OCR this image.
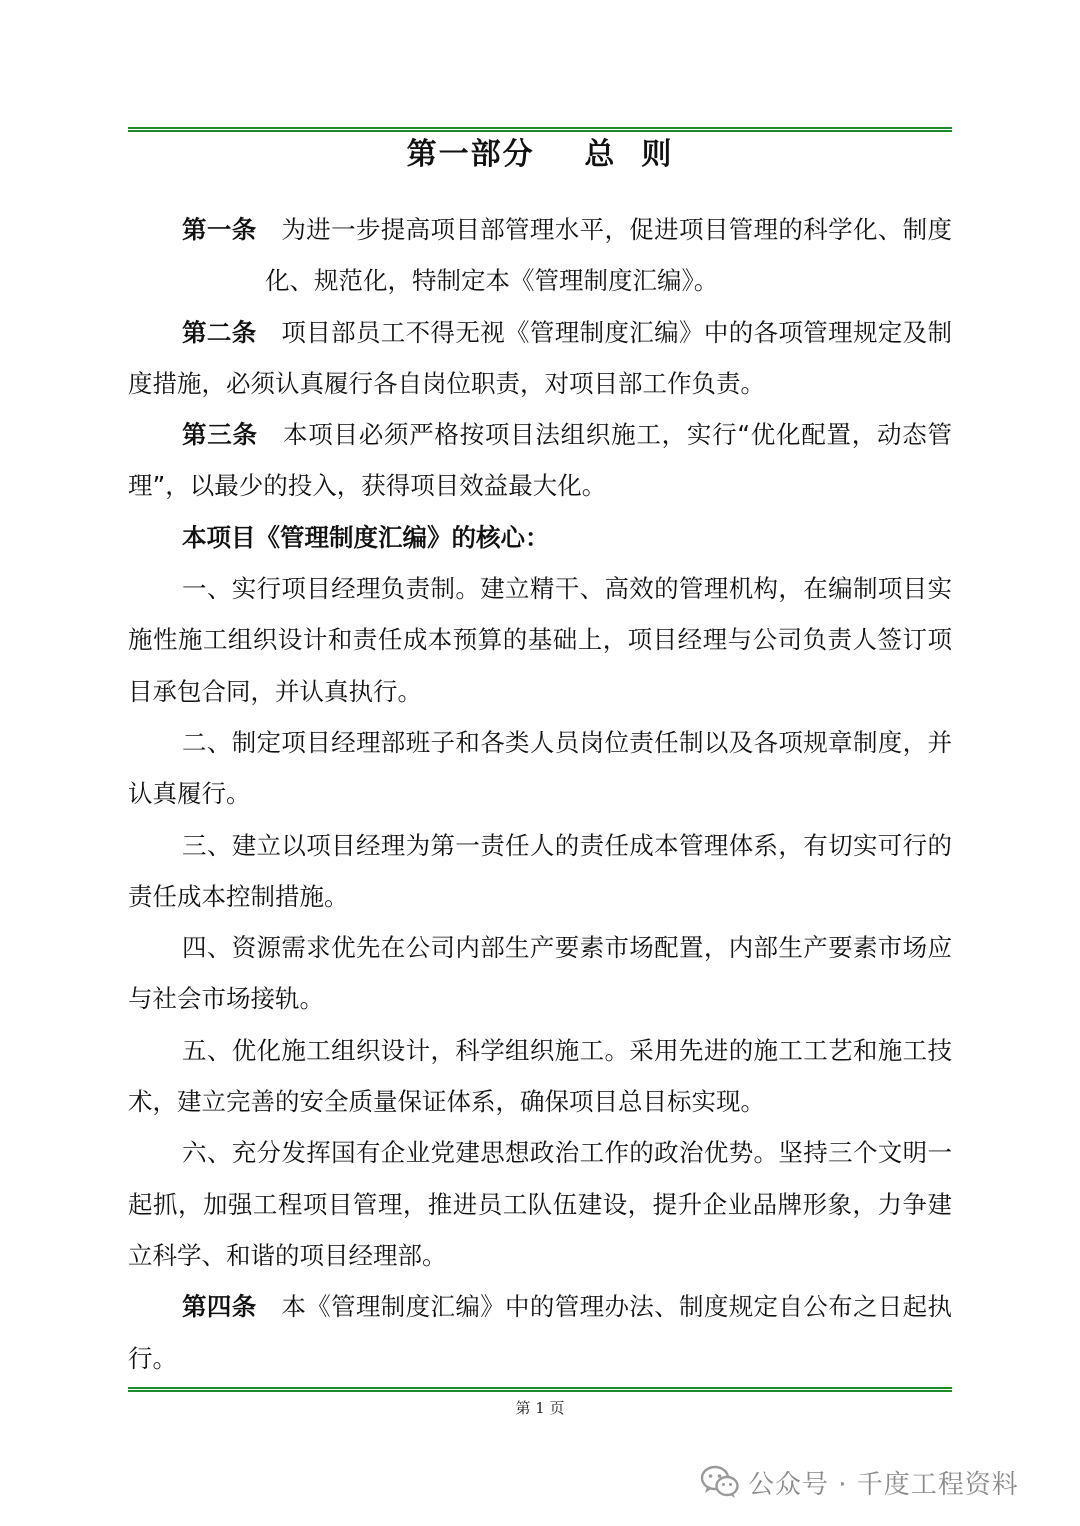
第一部分    总  则

第一条  为进一步提高项目部管理水平，促进项目管理的科学化、制度化、规范化，特制定本《管理制度汇编》。

第二条  项目部员工不得无视《管理制度汇编》中的各项管理规定及制度措施，必须认真履行各自岗位职责，对项目部工作负责。

第三条  本项目必须严格按项目法组织施工，实行“优化配置，动态管理”，以最少的投入，获得项目效益最大化。

本项目《管理制度汇编》的核心：

一、实行项目经理负责制。建立精干、高效的管理机构，在编制项目实施性施工组织设计和责任成本预算的基础上，项目经理与公司负责人签订项目承包合同，并认真执行。

二、制定项目经理部班子和各类人员岗位责任制以及各项规章制度，并认真履行。

三、建立以项目经理为第一责任人的责任成本管理体系，有切实可行的责任成本控制措施。

四、资源需求优先在公司内部生产要素市场配置，内部生产要素市场应与社会市场接轨。

五、优化施工组织设计，科学组织施工。采用先进的施工工艺和施工技术，建立完善的安全质量保证体系，确保项目总目标实现。

六、充分发挥国有企业党建思想政治工作的政治优势。坚持三个文明一起抓，加强工程项目管理，推进员工队伍建设，提升企业品牌形象，力争建立科学、和谐的项目经理部。

第四条  本《管理制度汇编》中的管理办法、制度规定自公布之日起执行。

第 1 页
公众号 · 千度工程资料
